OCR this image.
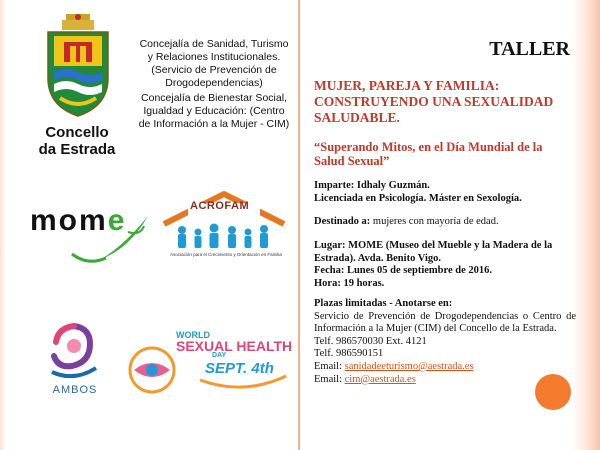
Concello
da Estrada
Concejalía de Sanidad, Turismo y Relaciones Institucionales. (Servicio de Prevención de Drogodependencias)
Concejalía de Bienestar Social, Igualdad y Educación: (Centro de Información a la Mujer - CIM)
mome	ACROFAM
Asociación para el Crecimiento y Orientación en Familia
AMBOS
WORLD
SEXUAL HEALTH
DAY
SEPT. 4th
TALLER
MUJER, PAREJA Y FAMILIA: CONSTRUYENDO UNA SEXUALIDAD SALUDABLE.
“Superando Mitos, en el Día Mundial de la Salud Sexual”
Imparte: Idhaly Guzmán.
Licenciada en Psicología. Máster en Sexología.
Destinado a: mujeres con mayoría de edad.
Lugar: MOME (Museo del Mueble y la Madera de la Estrada). Avda. Benito Vigo.
Fecha: Lunes 05 de septiembre de 2016.
Hora: 19 horas.
Plazas limitadas - Anotarse en:
Servicio de Prevención de Drogodependencias o Centro de Información a la Mujer (CIM) del Concello de la Estrada.
Telf. 986570030 Ext. 4121
Telf. 986590151
Email: sanidadeeturismo@aestrada.es
Email: cim@aestrada.es
